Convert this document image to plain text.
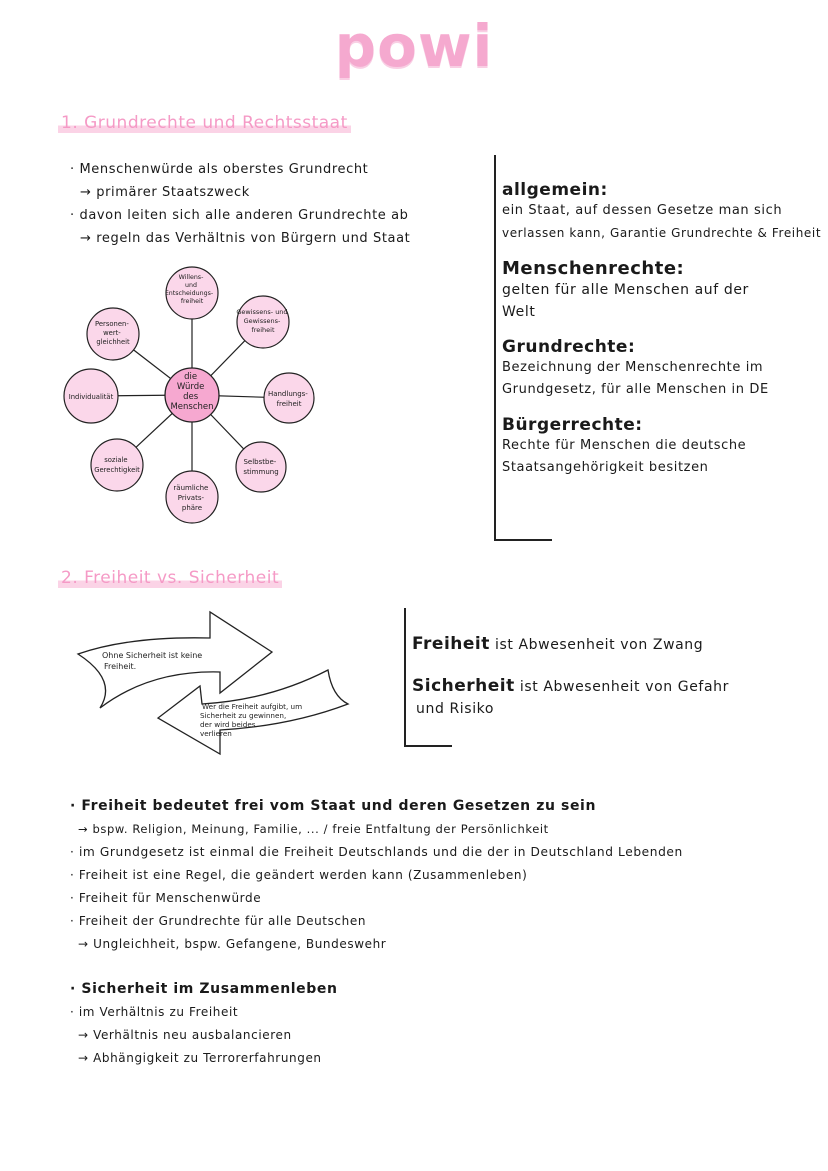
powi
1. Grundrechte und Rechtsstaat
· Menschenwürde als oberstes Grundrecht
→ primärer Staatszweck
· davon leiten sich alle anderen Grundrechte ab
→ regeln das Verhältnis von Bürgern und Staat
die Würde des Menschen
Willens- und Entscheidungs- freiheit
Gewissens- und Gewissens- freiheit
Handlungs- freiheit
Selbstbe- stimmung
räumliche Privats- phäre
soziale Gerechtigkeit
Individualität
Personen- wert- gleichheit
allgemein:
ein Staat, auf dessen Gesetze man sich
verlassen kann, Garantie Grundrechte & Freiheit
Menschenrechte:
gelten für alle Menschen auf der
Welt
Grundrechte:
Bezeichnung der Menschenrechte im
Grundgesetz, für alle Menschen in DE
Bürgerrechte:
Rechte für Menschen die deutsche
Staatsangehörigkeit besitzen
2. Freiheit vs. Sicherheit
Ohne Sicherheit ist keine Freiheit.
Wer die Freiheit aufgibt, um Sicherheit zu gewinnen, der wird beides verlieren
Freiheit ist Abwesenheit von Zwang
Sicherheit ist Abwesenheit von Gefahr
und Risiko
· Freiheit bedeutet frei vom Staat und deren Gesetzen zu sein
→ bspw. Religion, Meinung, Familie, ... / freie Entfaltung der Persönlichkeit
· im Grundgesetz ist einmal die Freiheit Deutschlands und die der in Deutschland Lebenden
· Freiheit ist eine Regel, die geändert werden kann (Zusammenleben)
· Freiheit für Menschenwürde
· Freiheit der Grundrechte für alle Deutschen
→ Ungleichheit, bspw. Gefangene, Bundeswehr
· Sicherheit im Zusammenleben
· im Verhältnis zu Freiheit
→ Verhältnis neu ausbalancieren
→ Abhängigkeit zu Terrorerfahrungen
